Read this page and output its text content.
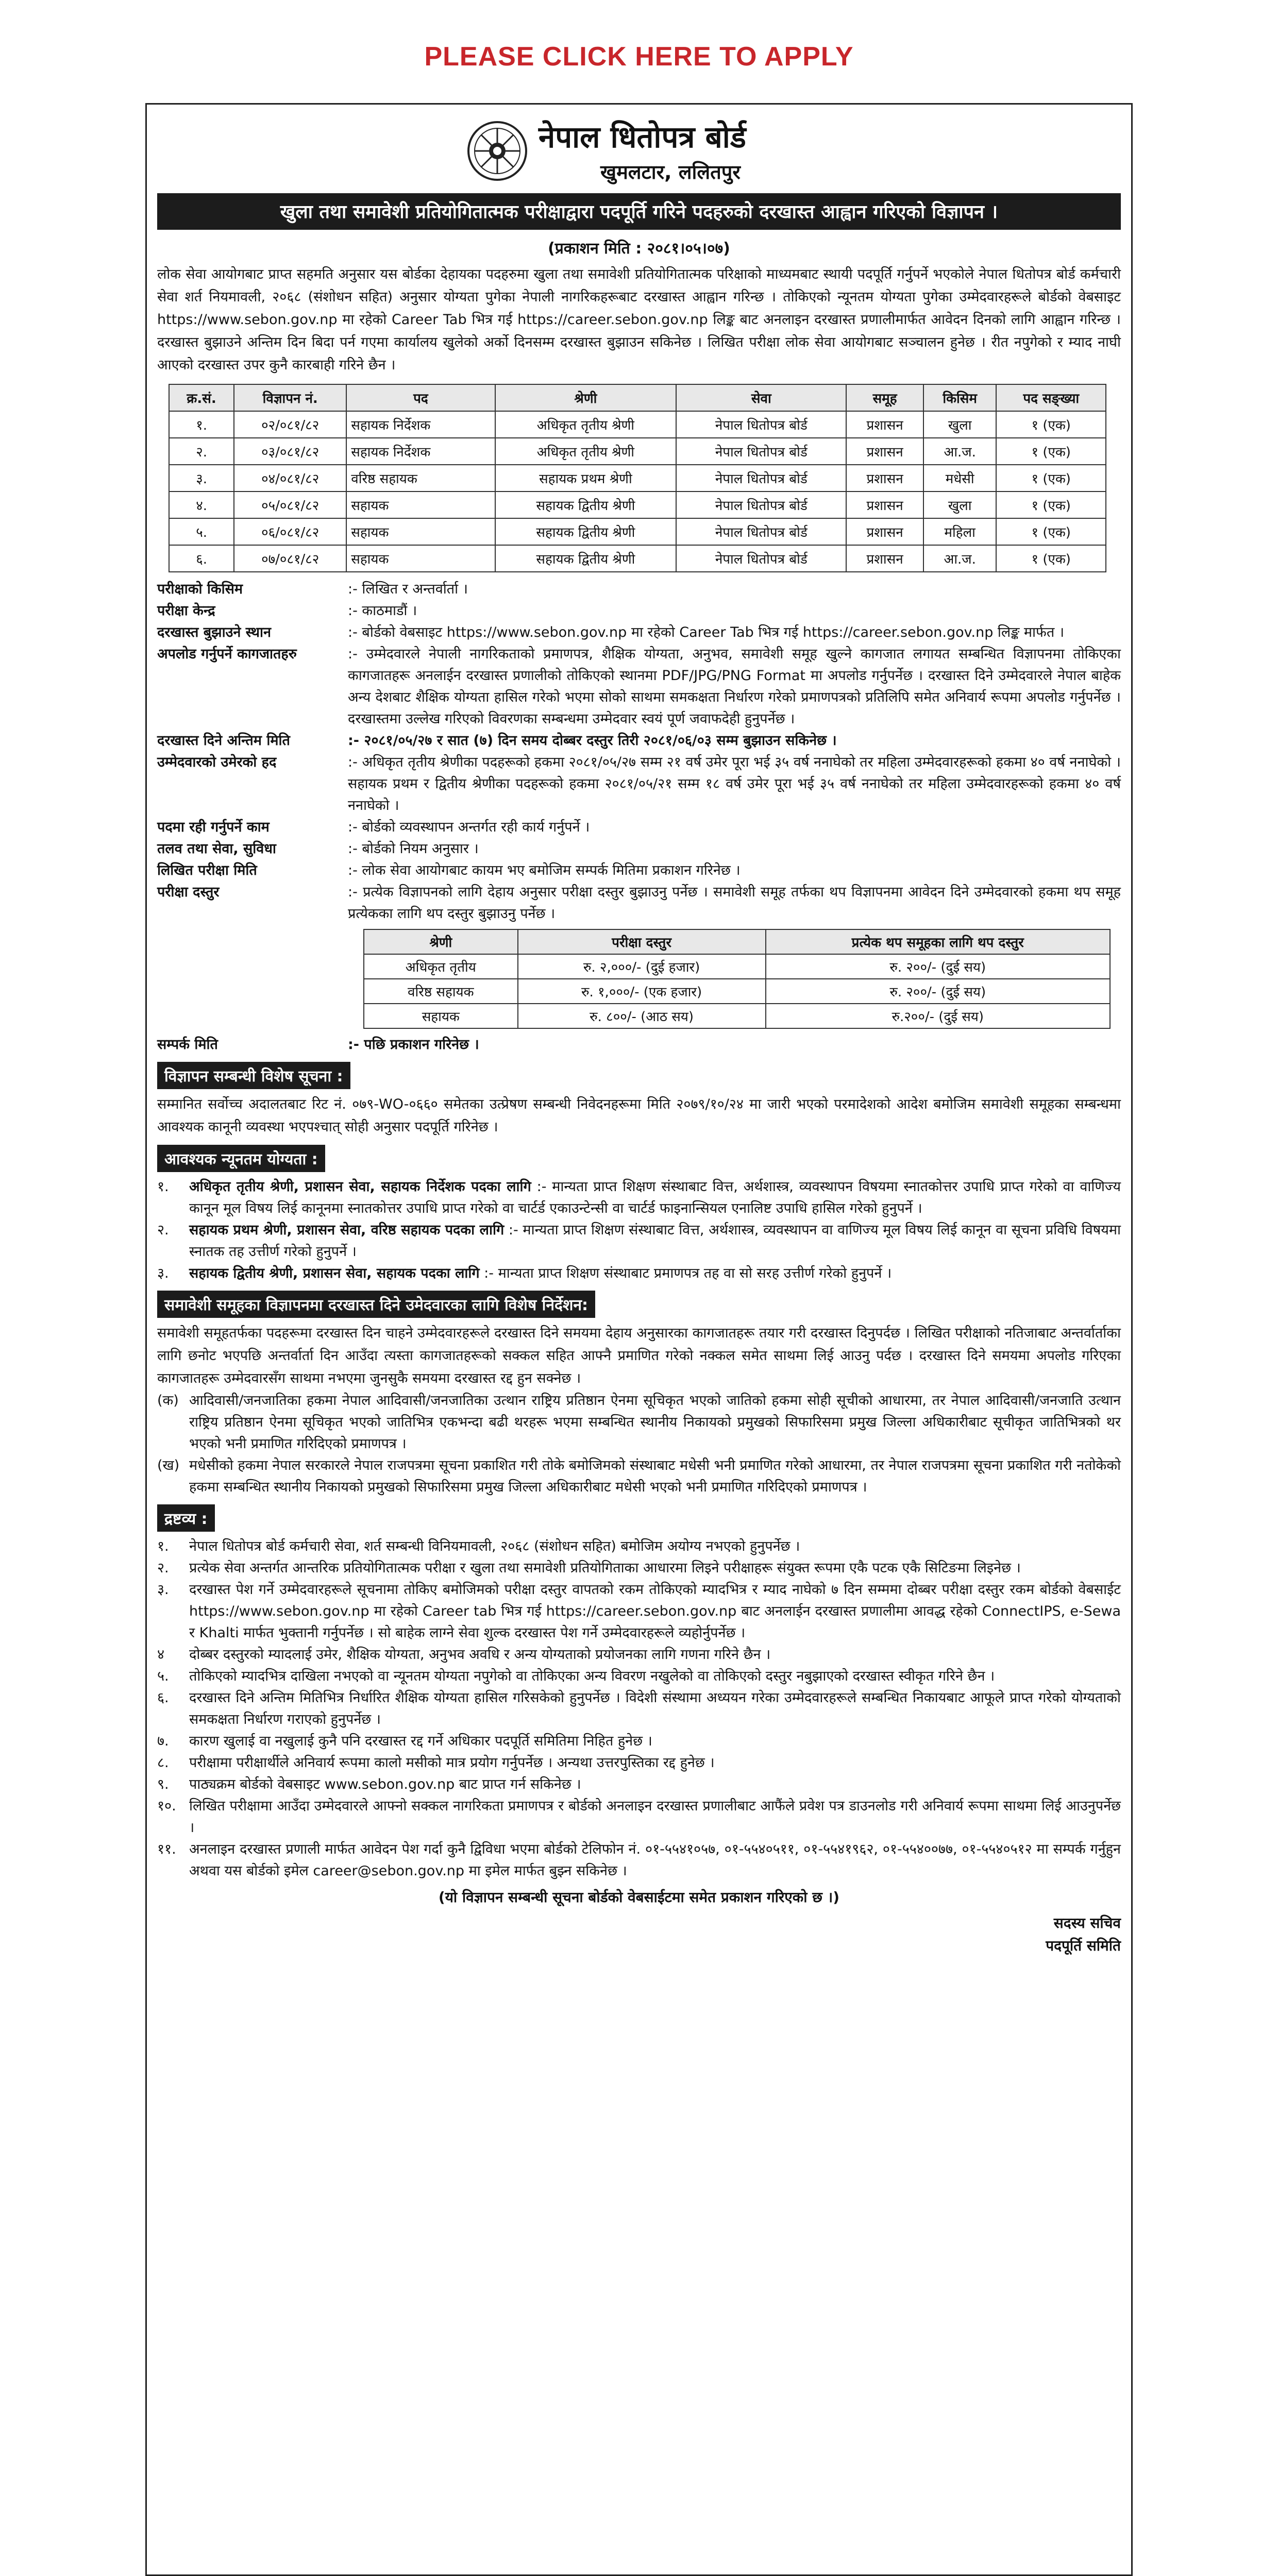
PLEASE CLICK HERE TO APPLY
नेपाल धितोपत्र बोर्ड
खुमलटार, ललितपुर
खुला तथा समावेशी प्रतियोगितात्मक परीक्षाद्वारा पदपूर्ति गरिने पदहरुको दरखास्त आह्वान गरिएको विज्ञापन ।
(प्रकाशन मिति : २०८१।०५।०७)
लोक सेवा आयोगबाट प्राप्त सहमति अनुसार यस बोर्डका देहायका पदहरुमा खुला तथा समावेशी प्रतियोगितात्मक परिक्षाको माध्यमबाट स्थायी पदपूर्ति गर्नुपर्ने भएकोले नेपाल धितोपत्र बोर्ड कर्मचारी सेवा शर्त नियमावली, २०६८ (संशोधन सहित) अनुसार योग्यता पुगेका नेपाली नागरिकहरूबाट दरखास्त आह्वान गरिन्छ । तोकिएको न्यूनतम योग्यता पुगेका उम्मेदवारहरूले बोर्डको वेबसाइट https://www.sebon.gov.np मा रहेको Career Tab भित्र गई https://career.sebon.gov.np लिङ्क बाट अनलाइन दरखास्त प्रणालीमार्फत आवेदन दिनको लागि आह्वान गरिन्छ । दरखास्त बुझाउने अन्तिम दिन बिदा पर्न गएमा कार्यालय खुलेको अर्को दिनसम्म दरखास्त बुझाउन सकिनेछ । लिखित परीक्षा लोक सेवा आयोगबाट सञ्चालन हुनेछ । रीत नपुगेको र म्याद नाघी आएको दरखास्त उपर कुनै कारबाही गरिने छैन ।
क्र.सं.	विज्ञापन नं.	पद	श्रेणी	सेवा	समूह	किसिम	पद सङ्ख्या
१.	०२/०८१/८२	सहायक निर्देशक	अधिकृत तृतीय श्रेणी	नेपाल धितोपत्र बोर्ड	प्रशासन	खुला	१ (एक)
२.	०३/०८१/८२	सहायक निर्देशक	अधिकृत तृतीय श्रेणी	नेपाल धितोपत्र बोर्ड	प्रशासन	आ.ज.	१ (एक)
३.	०४/०८१/८२	वरिष्ठ सहायक	सहायक प्रथम श्रेणी	नेपाल धितोपत्र बोर्ड	प्रशासन	मधेसी	१ (एक)
४.	०५/०८१/८२	सहायक	सहायक द्वितीय श्रेणी	नेपाल धितोपत्र बोर्ड	प्रशासन	खुला	१ (एक)
५.	०६/०८१/८२	सहायक	सहायक द्वितीय श्रेणी	नेपाल धितोपत्र बोर्ड	प्रशासन	महिला	१ (एक)
६.	०७/०८१/८२	सहायक	सहायक द्वितीय श्रेणी	नेपाल धितोपत्र बोर्ड	प्रशासन	आ.ज.	१ (एक)
परीक्षाको किसिम	:- लिखित र अन्तर्वार्ता ।
परीक्षा केन्द्र	:- काठमाडौं ।
दरखास्त बुझाउने स्थान	:- बोर्डको वेबसाइट https://www.sebon.gov.np मा रहेको Career Tab भित्र गई https://career.sebon.gov.np लिङ्क मार्फत ।
अपलोड गर्नुपर्ने कागजातहरु	:- उम्मेदवारले नेपाली नागरिकताको प्रमाणपत्र, शैक्षिक योग्यता, अनुभव, समावेशी समूह खुल्ने कागजात लगायत सम्बन्धित विज्ञापनमा तोकिएका कागजातहरू अनलाईन दरखास्त प्रणालीको तोकिएको स्थानमा PDF/JPG/PNG Format मा अपलोड गर्नुपर्नेछ । दरखास्त दिने उम्मेदवारले नेपाल बाहेक अन्य देशबाट शैक्षिक योग्यता हासिल गरेको भएमा सोको साथमा समकक्षता निर्धारण गरेको प्रमाणपत्रको प्रतिलिपि समेत अनिवार्य रूपमा अपलोड गर्नुपर्नेछ । दरखास्तमा उल्लेख गरिएको विवरणका सम्बन्धमा उम्मेदवार स्वयं पूर्ण जवाफदेही हुनुपर्नेछ ।
दरखास्त दिने अन्तिम मिति	:- २०८१/०५/२७ र सात (७) दिन समय दोब्बर दस्तुर तिरी २०८१/०६/०३ सम्म बुझाउन सकिनेछ ।
उम्मेदवारको उमेरको हद	:- अधिकृत तृतीय श्रेणीका पदहरूको हकमा २०८१/०५/२७ सम्म २१ वर्ष उमेर पूरा भई ३५ वर्ष ननाघेको तर महिला उम्मेदवारहरूको हकमा ४० वर्ष ननाघेको । सहायक प्रथम र द्वितीय श्रेणीका पदहरूको हकमा २०८१/०५/२१ सम्म १८ वर्ष उमेर पूरा भई ३५ वर्ष ननाघेको तर महिला उम्मेदवारहरूको हकमा ४० वर्ष ननाघेको ।
पदमा रही गर्नुपर्ने काम	:- बोर्डको व्यवस्थापन अन्तर्गत रही कार्य गर्नुपर्ने ।
तलव तथा सेवा, सुविधा	:- बोर्डको नियम अनुसार ।
लिखित परीक्षा मिति	:- लोक सेवा आयोगबाट कायम भए बमोजिम सम्पर्क मितिमा प्रकाशन गरिनेछ ।
परीक्षा दस्तुर	:- प्रत्येक विज्ञापनको लागि देहाय अनुसार परीक्षा दस्तुर बुझाउनु पर्नेछ । समावेशी समूह तर्फका थप विज्ञापनमा आवेदन दिने उम्मेदवारको हकमा थप समूह प्रत्येकका लागि थप दस्तुर बुझाउनु पर्नेछ ।
श्रेणी	परीक्षा दस्तुर	प्रत्येक थप समूहका लागि थप दस्तुर
अधिकृत तृतीय	रु. २,०००/- (दुई हजार)	रु. २००/- (दुई सय)
वरिष्ठ सहायक	रु. १,०००/- (एक हजार)	रु. २००/- (दुई सय)
सहायक	रु. ८००/- (आठ सय)	रु.२००/- (दुई सय)
सम्पर्क मिति	:- पछि प्रकाशन गरिनेछ ।
विज्ञापन सम्बन्धी विशेष सूचना :
सम्मानित सर्वोच्च अदालतबाट रिट नं. ०७९-WO-०६६० समेतका उत्प्रेषण सम्बन्धी निवेदनहरूमा मिति २०७९/१०/२४ मा जारी भएको परमादेशको आदेश बमोजिम समावेशी समूहका सम्बन्धमा आवश्यक कानूनी व्यवस्था भएपश्चात् सोही अनुसार पदपूर्ति गरिनेछ ।
आवश्यक न्यूनतम योग्यता :
१.	अधिकृत तृतीय श्रेणी, प्रशासन सेवा, सहायक निर्देशक पदका लागि :- मान्यता प्राप्त शिक्षण संस्थाबाट वित्त, अर्थशास्त्र, व्यवस्थापन विषयमा स्नातकोत्तर उपाधि प्राप्त गरेको वा वाणिज्य कानून मूल विषय लिई कानूनमा स्नातकोत्तर उपाधि प्राप्त गरेको वा चार्टर्ड एकाउन्टेन्सी वा चार्टर्ड फाइनान्सियल एनालिष्ट उपाधि हासिल गरेको हुनुपर्ने ।
२.	सहायक प्रथम श्रेणी, प्रशासन सेवा, वरिष्ठ सहायक पदका लागि :- मान्यता प्राप्त शिक्षण संस्थाबाट वित्त, अर्थशास्त्र, व्यवस्थापन वा वाणिज्य मूल विषय लिई कानून वा सूचना प्रविधि विषयमा स्नातक तह उत्तीर्ण गरेको हुनुपर्ने ।
३.	सहायक द्वितीय श्रेणी, प्रशासन सेवा, सहायक पदका लागि :- मान्यता प्राप्त शिक्षण संस्थाबाट प्रमाणपत्र तह वा सो सरह उत्तीर्ण गरेको हुनुपर्ने ।
समावेशी समूहका विज्ञापनमा दरखास्त दिने उमेदवारका लागि विशेष निर्देशन:
समावेशी समूहतर्फका पदहरूमा दरखास्त दिन चाहने उम्मेदवारहरूले दरखास्त दिने समयमा देहाय अनुसारका कागजातहरू तयार गरी दरखास्त दिनुपर्दछ । लिखित परीक्षाको नतिजाबाट अन्तर्वार्ताका लागि छनोट भएपछि अन्तर्वार्ता दिन आउँदा त्यस्ता कागजातहरूको सक्कल सहित आफ्नै प्रमाणित गरेको नक्कल समेत साथमा लिई आउनु पर्दछ । दरखास्त दिने समयमा अपलोड गरिएका कागजातहरू उम्मेदवारसँग साथमा नभएमा जुनसुकै समयमा दरखास्त रद्द हुन सक्नेछ ।
(क) आदिवासी/जनजातिका हकमा नेपाल आदिवासी/जनजातिका उत्थान राष्ट्रिय प्रतिष्ठान ऐनमा सूचिकृत भएको जातिको हकमा सोही सूचीको आधारमा, तर नेपाल आदिवासी/जनजाति उत्थान राष्ट्रिय प्रतिष्ठान ऐनमा सूचिकृत भएको जातिभित्र एकभन्दा बढी थरहरू भएमा सम्बन्धित स्थानीय निकायको प्रमुखको सिफारिसमा प्रमुख जिल्ला अधिकारीबाट सूचीकृत जातिभित्रको थर भएको भनी प्रमाणित गरिदिएको प्रमाणपत्र ।
(ख) मधेसीको हकमा नेपाल सरकारले नेपाल राजपत्रमा सूचना प्रकाशित गरी तोके बमोजिमको संस्थाबाट मधेसी भनी प्रमाणित गरेको आधारमा, तर नेपाल राजपत्रमा सूचना प्रकाशित गरी नतोकेको हकमा सम्बन्धित स्थानीय निकायको प्रमुखको सिफारिसमा प्रमुख जिल्ला अधिकारीबाट मधेसी भएको भनी प्रमाणित गरिदिएको प्रमाणपत्र ।
द्रष्टव्य :
१.	नेपाल धितोपत्र बोर्ड कर्मचारी सेवा, शर्त सम्बन्धी विनियमावली, २०६८ (संशोधन सहित) बमोजिम अयोग्य नभएको हुनुपर्नेछ ।
२.	प्रत्येक सेवा अन्तर्गत आन्तरिक प्रतियोगितात्मक परीक्षा र खुला तथा समावेशी प्रतियोगिताका आधारमा लिइने परीक्षाहरू संयुक्त रूपमा एकै पटक एकै सिटिङमा लिइनेछ ।
३.	दरखास्त पेश गर्ने उम्मेदवारहरूले सूचनामा तोकिए बमोजिमको परीक्षा दस्तुर वापतको रकम तोकिएको म्यादभित्र र म्याद नाघेको ७ दिन सम्ममा दोब्बर परीक्षा दस्तुर रकम बोर्डको वेबसाईट https://www.sebon.gov.np मा रहेको Career tab भित्र गई https://career.sebon.gov.np बाट अनलाईन दरखास्त प्रणालीमा आवद्ध रहेको ConnectIPS, e-Sewa र Khalti मार्फत भुक्तानी गर्नुपर्नेछ । सो बाहेक लाग्ने सेवा शुल्क दरखास्त पेश गर्ने उम्मेदवारहरूले व्यहोर्नुपर्नेछ ।
४	दोब्बर दस्तुरको म्यादलाई उमेर, शैक्षिक योग्यता, अनुभव अवधि र अन्य योग्यताको प्रयोजनका लागि गणना गरिने छैन ।
५.	तोकिएको म्यादभित्र दाखिला नभएको वा न्यूनतम योग्यता नपुगेको वा तोकिएका अन्य विवरण नखुलेको वा तोकिएको दस्तुर नबुझाएको दरखास्त स्वीकृत गरिने छैन ।
६.	दरखास्त दिने अन्तिम मितिभित्र निर्धारित शैक्षिक योग्यता हासिल गरिसकेको हुनुपर्नेछ । विदेशी संस्थामा अध्ययन गरेका उम्मेदवारहरूले सम्बन्धित निकायबाट आफूले प्राप्त गरेको योग्यताको समकक्षता निर्धारण गराएको हुनुपर्नेछ ।
७.	कारण खुलाई वा नखुलाई कुनै पनि दरखास्त रद्द गर्ने अधिकार पदपूर्ति समितिमा निहित हुनेछ ।
८.	परीक्षामा परीक्षार्थीले अनिवार्य रूपमा कालो मसीको मात्र प्रयोग गर्नुपर्नेछ । अन्यथा उत्तरपुस्तिका रद्द हुनेछ ।
९.	पाठ्यक्रम बोर्डको वेबसाइट www.sebon.gov.np बाट प्राप्त गर्न सकिनेछ ।
१०. लिखित परीक्षामा आउँदा उम्मेदवारले आफ्नो सक्कल नागरिकता प्रमाणपत्र र बोर्डको अनलाइन दरखास्त प्रणालीबाट आफैंले प्रवेश पत्र डाउनलोड गरी अनिवार्य रूपमा साथमा लिई आउनुपर्नेछ ।
११. अनलाइन दरखास्त प्रणाली मार्फत आवेदन पेश गर्दा कुनै द्विविधा भएमा बोर्डको टेलिफोन नं. ०१-५५४१०५७, ०१-५५४०५११, ०१-५५४१९६२, ०१-५५४००७७, ०१-५५४०५१२ मा सम्पर्क गर्नुहुन अथवा यस बोर्डको इमेल career@sebon.gov.np मा इमेल मार्फत बुझ्न सकिनेछ ।
(यो विज्ञापन सम्बन्धी सूचना बोर्डको वेबसाईटमा समेत प्रकाशन गरिएको छ ।)
सदस्य सचिव
पदपूर्ति समिति
